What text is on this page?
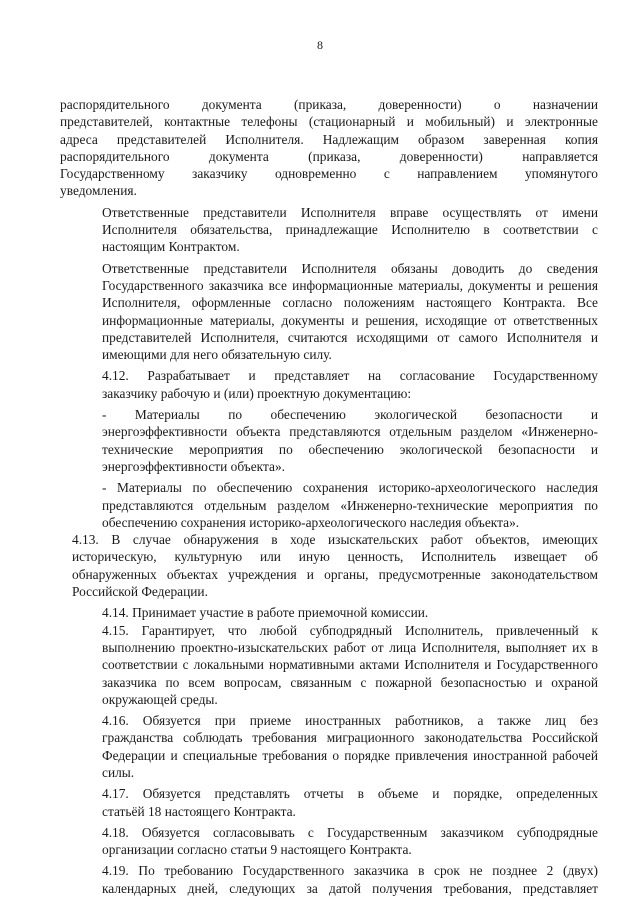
8

распорядительного документа (приказа, доверенности) о назначении
представителей, контактные телефоны (стационарный и мобильный) и электронные
адреса представителей Исполнителя. Надлежащим образом заверенная копия
распорядительного документа (приказа, доверенности) направляется
Государственному заказчику одновременно с направлением упомянутого
уведомления.

Ответственные представители Исполнителя вправе осуществлять от имени
Исполнителя обязательства, принадлежащие Исполнителю в соответствии с
настоящим Контрактом.

Ответственные представители Исполнителя обязаны доводить до сведения
Государственного заказчика все информационные материалы, документы и решения
Исполнителя, оформленные согласно положениям настоящего Контракта. Все
информационные материалы, документы и решения, исходящие от ответственных
представителей Исполнителя, считаются исходящими от самого Исполнителя и
имеющими для него обязательную силу.

4.12. Разрабатывает и представляет на согласование Государственному
заказчику рабочую и (или) проектную документацию:

- Материалы по обеспечению экологической безопасности и
энергоэффективности объекта представляются отдельным разделом «Инженерно-
технические мероприятия по обеспечению экологической безопасности и
энергоэффективности объекта».

- Материалы по обеспечению сохранения историко-археологического наследия
представляются отдельным разделом «Инженерно-технические мероприятия по
обеспечению сохранения историко-археологического наследия объекта».

4.13. В случае обнаружения в ходе изыскательских работ объектов, имеющих
историческую, культурную или иную ценность, Исполнитель извещает об
обнаруженных объектах учреждения и органы, предусмотренные законодательством
Российской Федерации.

4.14. Принимает участие в работе приемочной комиссии.

4.15. Гарантирует, что любой субподрядный Исполнитель, привлеченный к
выполнению проектно-изыскательских работ от лица Исполнителя, выполняет их в
соответствии с локальными нормативными актами Исполнителя и Государственного
заказчика по всем вопросам, связанным с пожарной безопасностью и охраной
окружающей среды.

4.16. Обязуется при приеме иностранных работников, а также лиц без
гражданства соблюдать требования миграционного законодательства Российской
Федерации и специальные требования о порядке привлечения иностранной рабочей
силы.

4.17. Обязуется представлять отчеты в объеме и порядке, определенных
статьёй 18 настоящего Контракта.

4.18. Обязуется согласовывать с Государственным заказчиком субподрядные
организации согласно статьи 9 настоящего Контракта.

4.19. По требованию Государственного заказчика в срок не позднее 2 (двух)
календарных дней, следующих за датой получения требования, представляет
